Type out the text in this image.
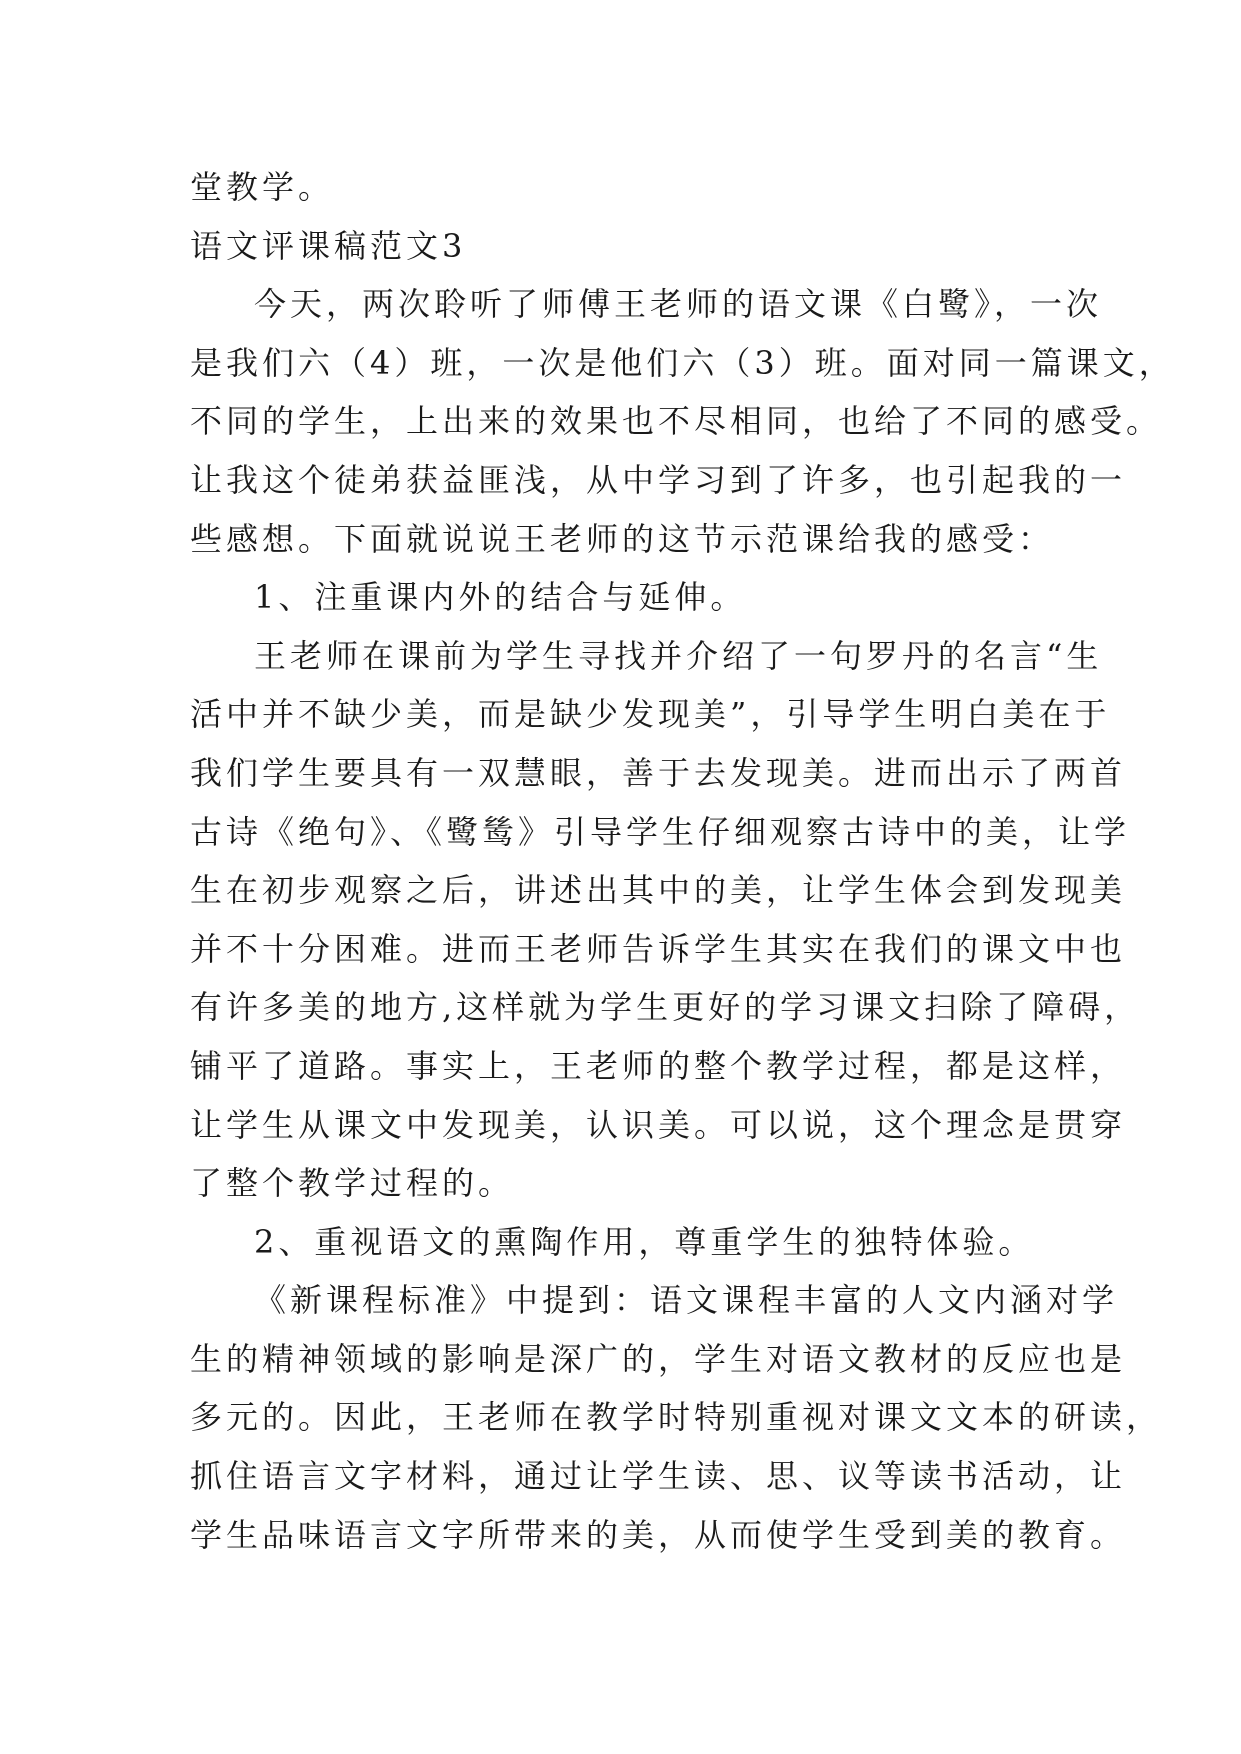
堂教学。

语文评课稿范文3

今天，两次聆听了师傅王老师的语文课《白鹭》，一次

是我们六（4）班，一次是他们六（3）班。面对同一篇课文，

不同的学生，上出来的效果也不尽相同，也给了不同的感受。

让我这个徒弟获益匪浅，从中学习到了许多，也引起我的一

些感想。下面就说说王老师的这节示范课给我的感受：

1、注重课内外的结合与延伸。

王老师在课前为学生寻找并介绍了一句罗丹的名言“生

活中并不缺少美，而是缺少发现美”，引导学生明白美在于

我们学生要具有一双慧眼，善于去发现美。进而出示了两首

古诗《绝句》、《鹭鸶》引导学生仔细观察古诗中的美，让学

生在初步观察之后，讲述出其中的美，让学生体会到发现美

并不十分困难。进而王老师告诉学生其实在我们的课文中也

有许多美的地方,这样就为学生更好的学习课文扫除了障碍，

铺平了道路。事实上，王老师的整个教学过程，都是这样，

让学生从课文中发现美，认识美。可以说，这个理念是贯穿

了整个教学过程的。

2、重视语文的熏陶作用，尊重学生的独特体验。

《新课程标准》中提到：语文课程丰富的人文内涵对学

生的精神领域的影响是深广的，学生对语文教材的反应也是

多元的。因此，王老师在教学时特别重视对课文文本的研读，

抓住语言文字材料，通过让学生读、思、议等读书活动，让

学生品味语言文字所带来的美，从而使学生受到美的教育。
